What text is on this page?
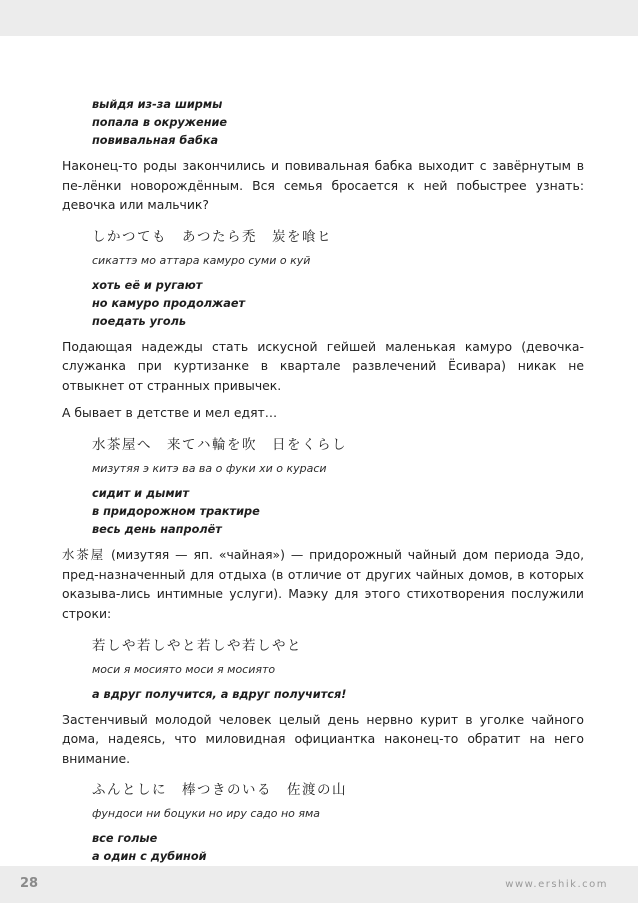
выйдя из-за ширмы
попала в окружение
повивальная бабка

Наконец-то роды закончились и повивальная бабка выходит с завёрнутым в пе-лёнки новорождённым. Вся семья бросается к ней побыстрее узнать: девочка или мальчик?

しかつても　あつたら禿　炭を喰ヒ
сикаттэ мо аттара камуро суми о куй
хоть её и ругают
но камуро продолжает
поедать уголь

Подающая надежды стать искусной гейшей маленькая камуро (девочка-служанка при куртизанке в квартале развлечений Ёсивара) никак не отвыкнет от странных привычек.

А бывает в детстве и мел едят…

水茶屋へ　来てハ輪を吹　日をくらし
мизутяя э китэ ва ва о фуки хи о кураси
сидит и дымит
в придорожном трактире
весь день напролёт

水茶屋 (мизутяя — яп. «чайная») — придорожный чайный дом периода Эдо, пред-назначенный для отдыха (в отличие от других чайных домов, в которых оказыва-лись интимные услуги). Маэку для этого стихотворения послужили строки:

若しや若しやと若しや若しやと
моси я мосиято моси я мосиято
а вдруг получится, а вдруг получится!

Застенчивый молодой человек целый день нервно курит в уголке чайного дома, надеясь, что миловидная официантка наконец-то обратит на него внимание.

ふんとしに　棒つきのいる　佐渡の山
фундоси ни боцуки но иру садо но яма
все голые
а один с дубиной
28	www.ershik.com
